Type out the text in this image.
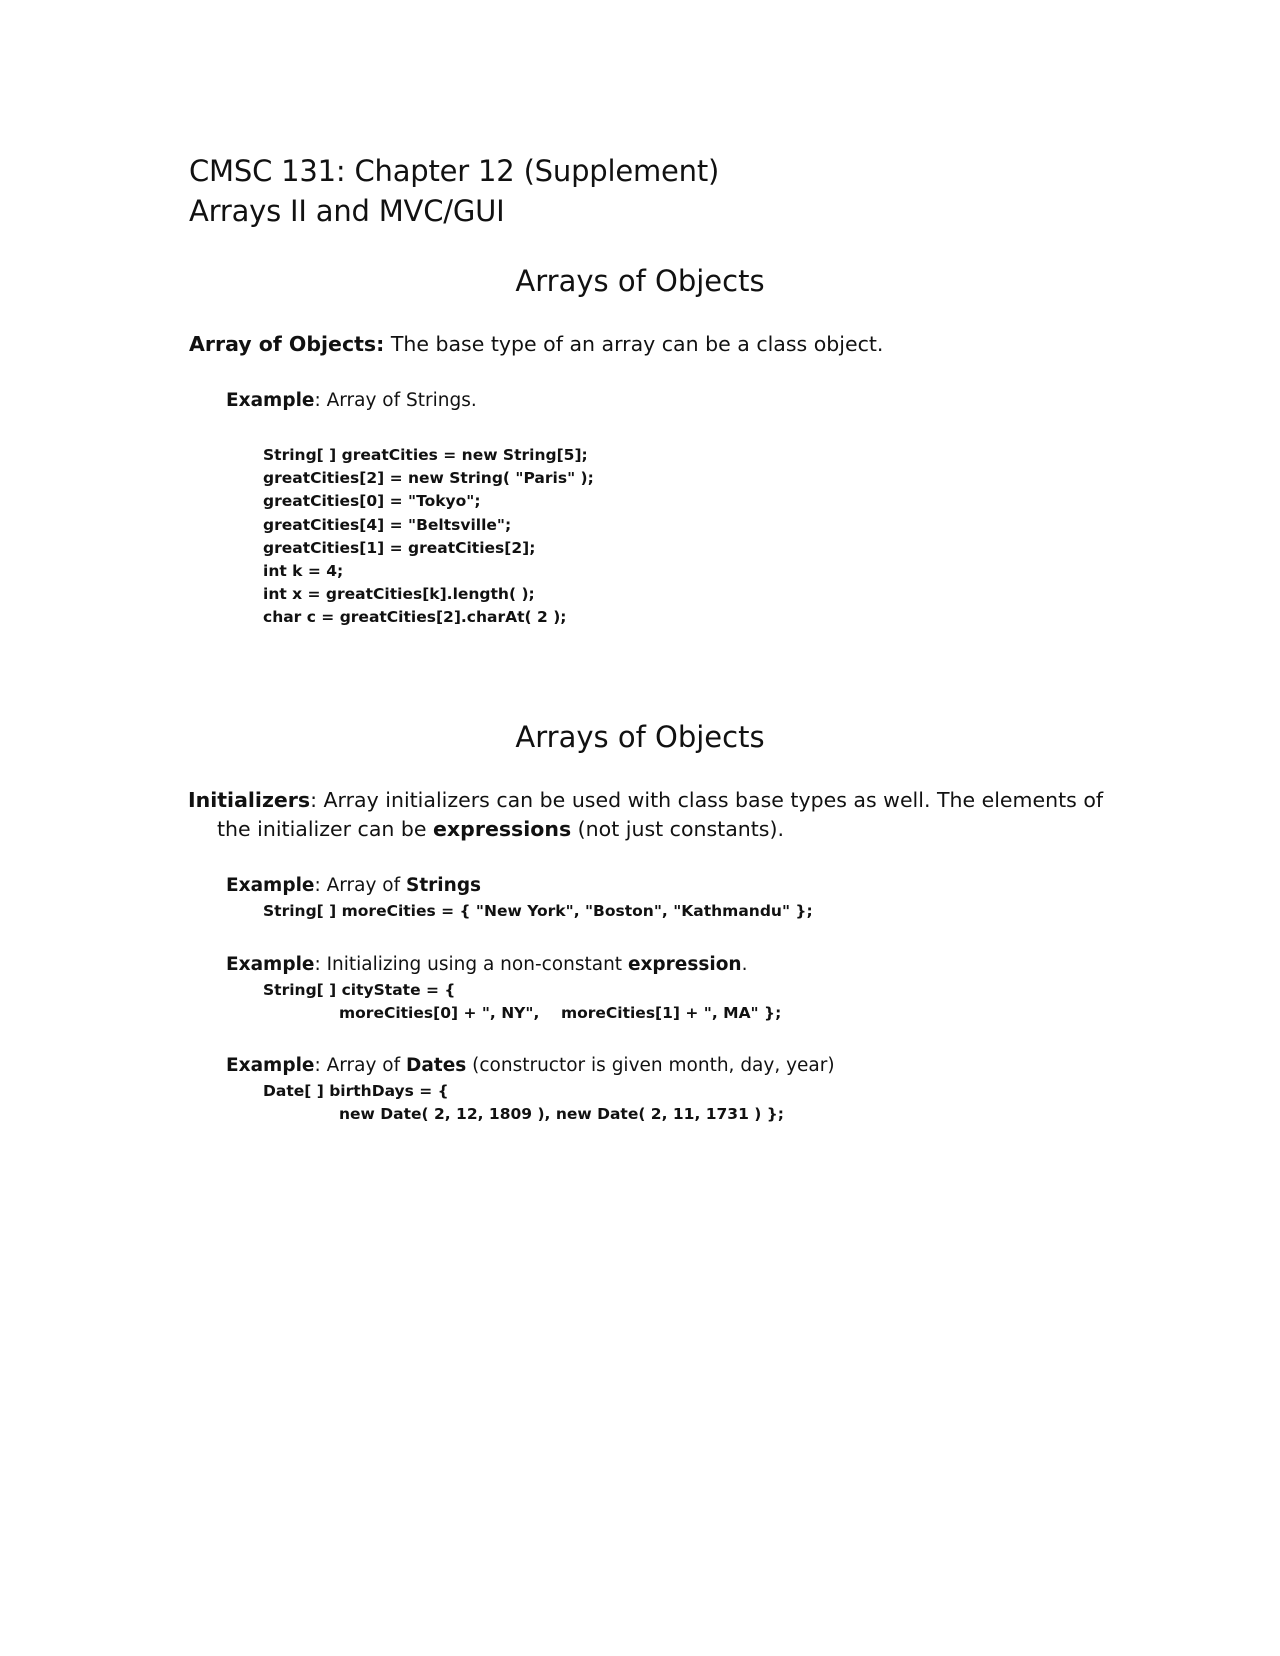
CMSC 131: Chapter 12 (Supplement)
Arrays II and MVC/GUI
Arrays of Objects
Array of Objects: The base type of an array can be a class object.
Example: Array of Strings.
String[ ] greatCities = new String[5];
greatCities[2] = new String( "Paris" );
greatCities[0] = "Tokyo";
greatCities[4] = "Beltsville";
greatCities[1] = greatCities[2];
int k = 4;
int x = greatCities[k].length( );
char c = greatCities[2].charAt( 2 );
Arrays of Objects
Initializers: Array initializers can be used with class base types as well. The elements of
the initializer can be expressions (not just constants).
Example: Array of Strings
String[ ] moreCities = { "New York", "Boston", "Kathmandu" };
Example: Initializing using a non-constant expression.
String[ ] cityState = {
moreCities[0] + ", NY",    moreCities[1] + ", MA" };
Example: Array of Dates (constructor is given month, day, year)
Date[ ] birthDays = {
new Date( 2, 12, 1809 ), new Date( 2, 11, 1731 ) };
